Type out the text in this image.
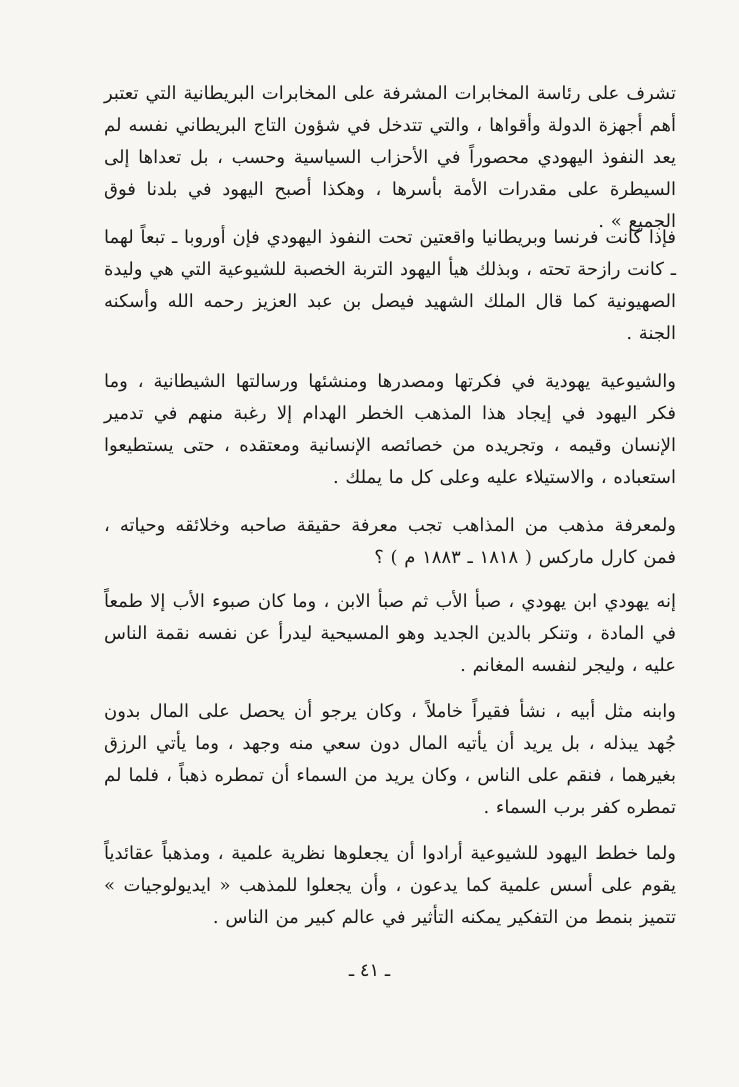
تشرف على رئاسة المخابرات المشرفة على المخابرات البريطانية التي تعتبر أهم أجهزة الدولة وأقواها ، والتي تتدخل في شؤون التاج البريطاني نفسه لم يعد النفوذ اليهودي محصوراً في الأحزاب السياسية وحسب ، بل تعداها إلى السيطرة على مقدرات الأمة بأسرها ، وهكذا أصبح اليهود في بلدنا فوق الجميع » .

فإذا كانت فرنسا وبريطانيا واقعتين تحت النفوذ اليهودي فإن أوروبا ـ تبعاً لهما ـ كانت رازحة تحته ، وبذلك هيأ اليهود التربة الخصبة للشيوعية التي هي وليدة الصهيونية كما قال الملك الشهيد فيصل بن عبد العزيز رحمه الله وأسكنه الجنة .

والشيوعية يهودية في فكرتها ومصدرها ومنشئها ورسالتها الشيطانية ، وما فكر اليهود في إيجاد هذا المذهب الخطر الهدام إلا رغبة منهم في تدمير الإنسان وقيمه ، وتجريده من خصائصه الإنسانية ومعتقده ، حتى يستطيعوا استعباده ، والاستيلاء عليه وعلى كل ما يملك .

ولمعرفة مذهب من المذاهب تجب معرفة حقيقة صاحبه وخلائقه وحياته ، فمن كارل ماركس ( ١٨١٨ ـ ١٨٨٣ م ) ؟

إنه يهودي ابن يهودي ، صبأ الأب ثم صبأ الابن ، وما كان صبوء الأب إلا طمعاً في المادة ، وتنكر بالدين الجديد وهو المسيحية ليدرأ عن نفسه نقمة الناس عليه ، وليجر لنفسه المغانم .

وابنه مثل أبيه ، نشأ فقيراً خاملاً ، وكان يرجو أن يحصل على المال بدون جُهد يبذله ، بل يريد أن يأتيه المال دون سعي منه وجهد ، وما يأتي الرزق بغيرهما ، فنقم على الناس ، وكان يريد من السماء أن تمطره ذهباً ، فلما لم تمطره كفر برب السماء .

ولما خطط اليهود للشيوعية أرادوا أن يجعلوها نظرية علمية ، ومذهباً عقائدياً يقوم على أسس علمية كما يدعون ، وأن يجعلوا للمذهب « ايديولوجيات » تتميز بنمط من التفكير يمكنه التأثير في عالم كبير من الناس .

ـ ٤١ ـ
